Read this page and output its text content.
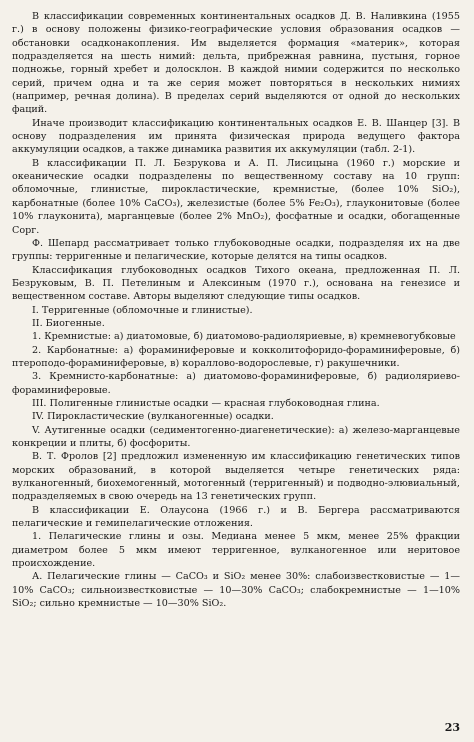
В классификации современных континентальных осадков Д. В. Наливкина (1955 г.) в основу положены физико-географические условия образования осадков — обстановки осадконакопления. Им выделяется формация «материк», которая подразделяется на шесть нимий: дельта, прибрежная равнина, пустыня, горное подножье, горный хребет и долосклон. В каждой нимии содержится по несколько серий, причем одна и та же серия может повторяться в нескольких нимиях (например, речная долина). В пределах серий выделяются от одной до нескольких фаций.

Иначе производит классификацию континентальных осадков Е. В. Шанцер [3]. В основу подразделения им принята физическая природа ведущего фактора аккумуляции осадков, а также динамика развития их аккумуляции (табл. 2-1).

В классификации П. Л. Безрукова и А. П. Лисицына (1960 г.) морские и океанические осадки подразделены по вещественному составу на 10 групп: обломочные, глинистые, пирокластические, кремнистые, (более 10% SiO₂), карбонатные (более 10% CaCO₃), железистые (более 5% Fe₂O₃), глауконитовые (более 10% глауконита), марганцевые (более 2% MnO₂), фосфатные и осадки, обогащенные Cорг.

Ф. Шепард рассматривает только глубоководные осадки, подразделяя их на две группы: терригенные и пелагические, которые делятся на типы осадков.

Классификация глубоководных осадков Тихого океана, предложенная П. Л. Безруковым, В. П. Петелиным и Алексиным (1970 г.), основана на генезисе и вещественном составе. Авторы выделяют следующие типы осадков.

I. Терригенные (обломочные и глинистые).

II. Биогенные.

1. Кремнистые: а) диатомовые, б) диатомово-радиоляриевые, в) кремневогубковые

2. Карбонатные: а) фораминиферовые и кокколитофоридо-фораминиферовые, б) птероподо-фораминиферовые, в) кораллово-водорослевые, г) ракушечники.

3. Кремнисто-карбонатные: а) диатомово-фораминиферовые, б) радиоляриево-фораминиферовые.

III. Полигенные глинистые осадки — красная глубоководная глина.

IV. Пирокластические (вулканогенные) осадки.

V. Аутигенные осадки (седиментогенно-диагенетические): а) железо-марганцевые конкреции и плиты, б) фосфориты.

В. Т. Фролов [2] предложил измененную им классификацию генетических типов морских образований, в которой выделяется четыре генетических ряда: вулканогенный, биохемогенный, мотогенный (терригенный) и подводно-элювиальный, подразделяемых в свою очередь на 13 генетических групп.

В классификации Е. Олаусона (1966 г.) и В. Бергера рассматриваются пелагические и гемипелагические отложения.

1. Пелагические глины и озы. Медиана менее 5 мкм, менее 25% фракции диаметром более 5 мкм имеют терригенное, вулканогенное или неритовое происхождение.

А. Пелагические глины — CaCO₃ и SiO₂ менее 30%: слабоизвестковистые — 1—10% CaCO₃; сильноизвестковистые — 10—30% CaCO₃; слабокремнистые — 1—10% SiO₂; сильно кремнистые — 10—30% SiO₂.

23
